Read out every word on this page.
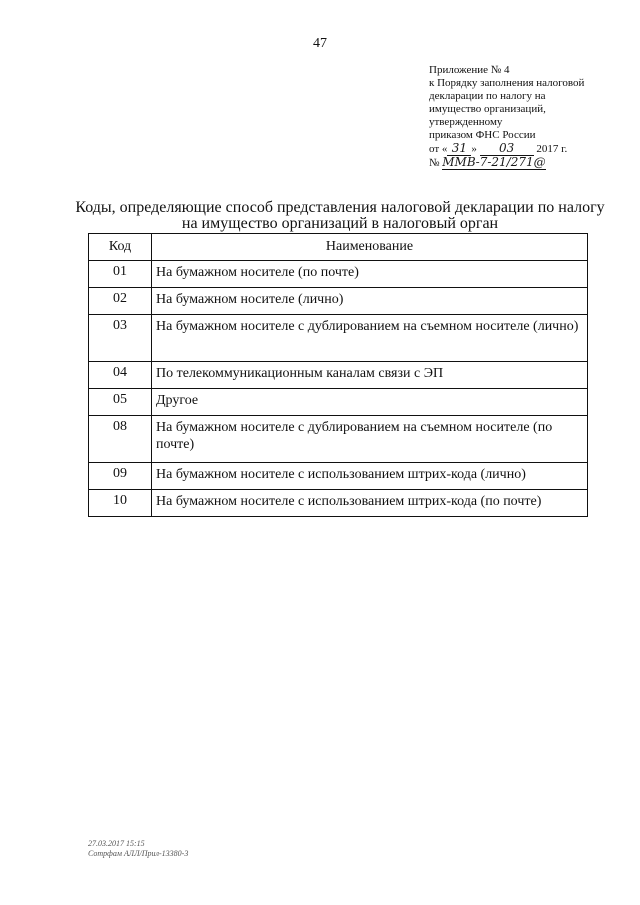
47
Приложение № 4
к Порядку заполнения налоговой
декларации по налогу на
имущество организаций,
утвержденному
приказом ФНС России
от « 31 » 03 2017 г.
№ ММВ-7-21/271@
Коды, определяющие способ представления налоговой декларации по налогу
на имущество организаций в налоговый орган
Код	Наименование
01	На бумажном носителе (по почте)
02	На бумажном носителе (лично)
03	На бумажном носителе с дублированием на съемном носителе (лично)
04	По телекоммуникационным каналам связи с ЭП
05	Другое
08	На бумажном носителе с дублированием на съемном носителе (по почте)
09	На бумажном носителе с использованием штрих-кода (лично)
10	На бумажном носителе с использованием штрих-кода (по почте)
27.03.2017 15:15
Сотрфам АЛЛ/Прил-13380-3
